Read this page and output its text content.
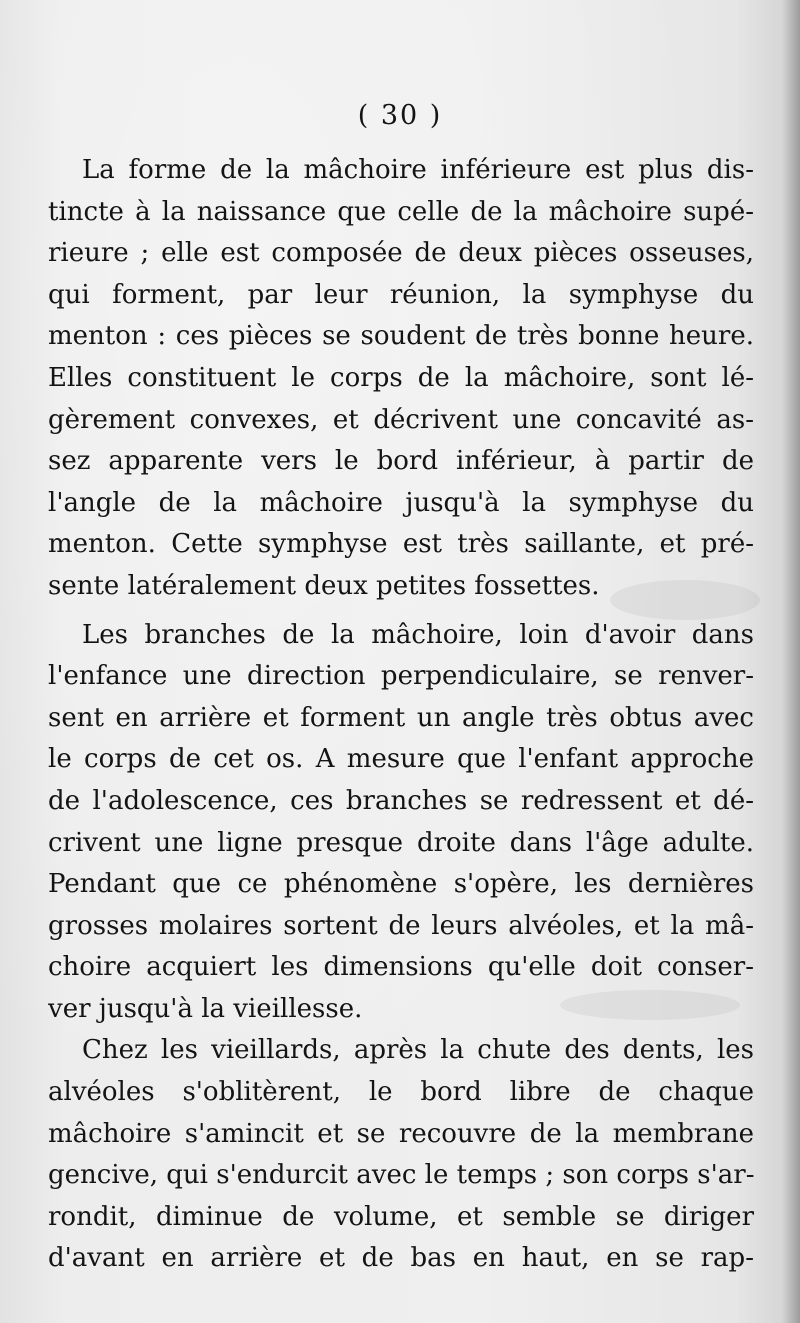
( 30 )
La forme de la mâchoire inférieure est plus dis-
tincte à la naissance que celle de la mâchoire supé-
rieure ; elle est composée de deux pièces osseuses,
qui forment, par leur réunion, la symphyse du
menton : ces pièces se soudent de très bonne heure.
Elles constituent le corps de la mâchoire, sont lé-
gèrement convexes, et décrivent une concavité as-
sez apparente vers le bord inférieur, à partir de
l'angle de la mâchoire jusqu'à la symphyse du
menton. Cette symphyse est très saillante, et pré-
sente latéralement deux petites fossettes.
Les branches de la mâchoire, loin d'avoir dans
l'enfance une direction perpendiculaire, se renver-
sent en arrière et forment un angle très obtus avec
le corps de cet os. A mesure que l'enfant approche
de l'adolescence, ces branches se redressent et dé-
crivent une ligne presque droite dans l'âge adulte.
Pendant que ce phénomène s'opère, les dernières
grosses molaires sortent de leurs alvéoles, et la mâ-
choire acquiert les dimensions qu'elle doit conser-
ver jusqu'à la vieillesse.
Chez les vieillards, après la chute des dents, les
alvéoles s'oblitèrent, le bord libre de chaque
mâchoire s'amincit et se recouvre de la membrane
gencive, qui s'endurcit avec le temps ; son corps s'ar-
rondit, diminue de volume, et semble se diriger
d'avant en arrière et de bas en haut, en se rap-
